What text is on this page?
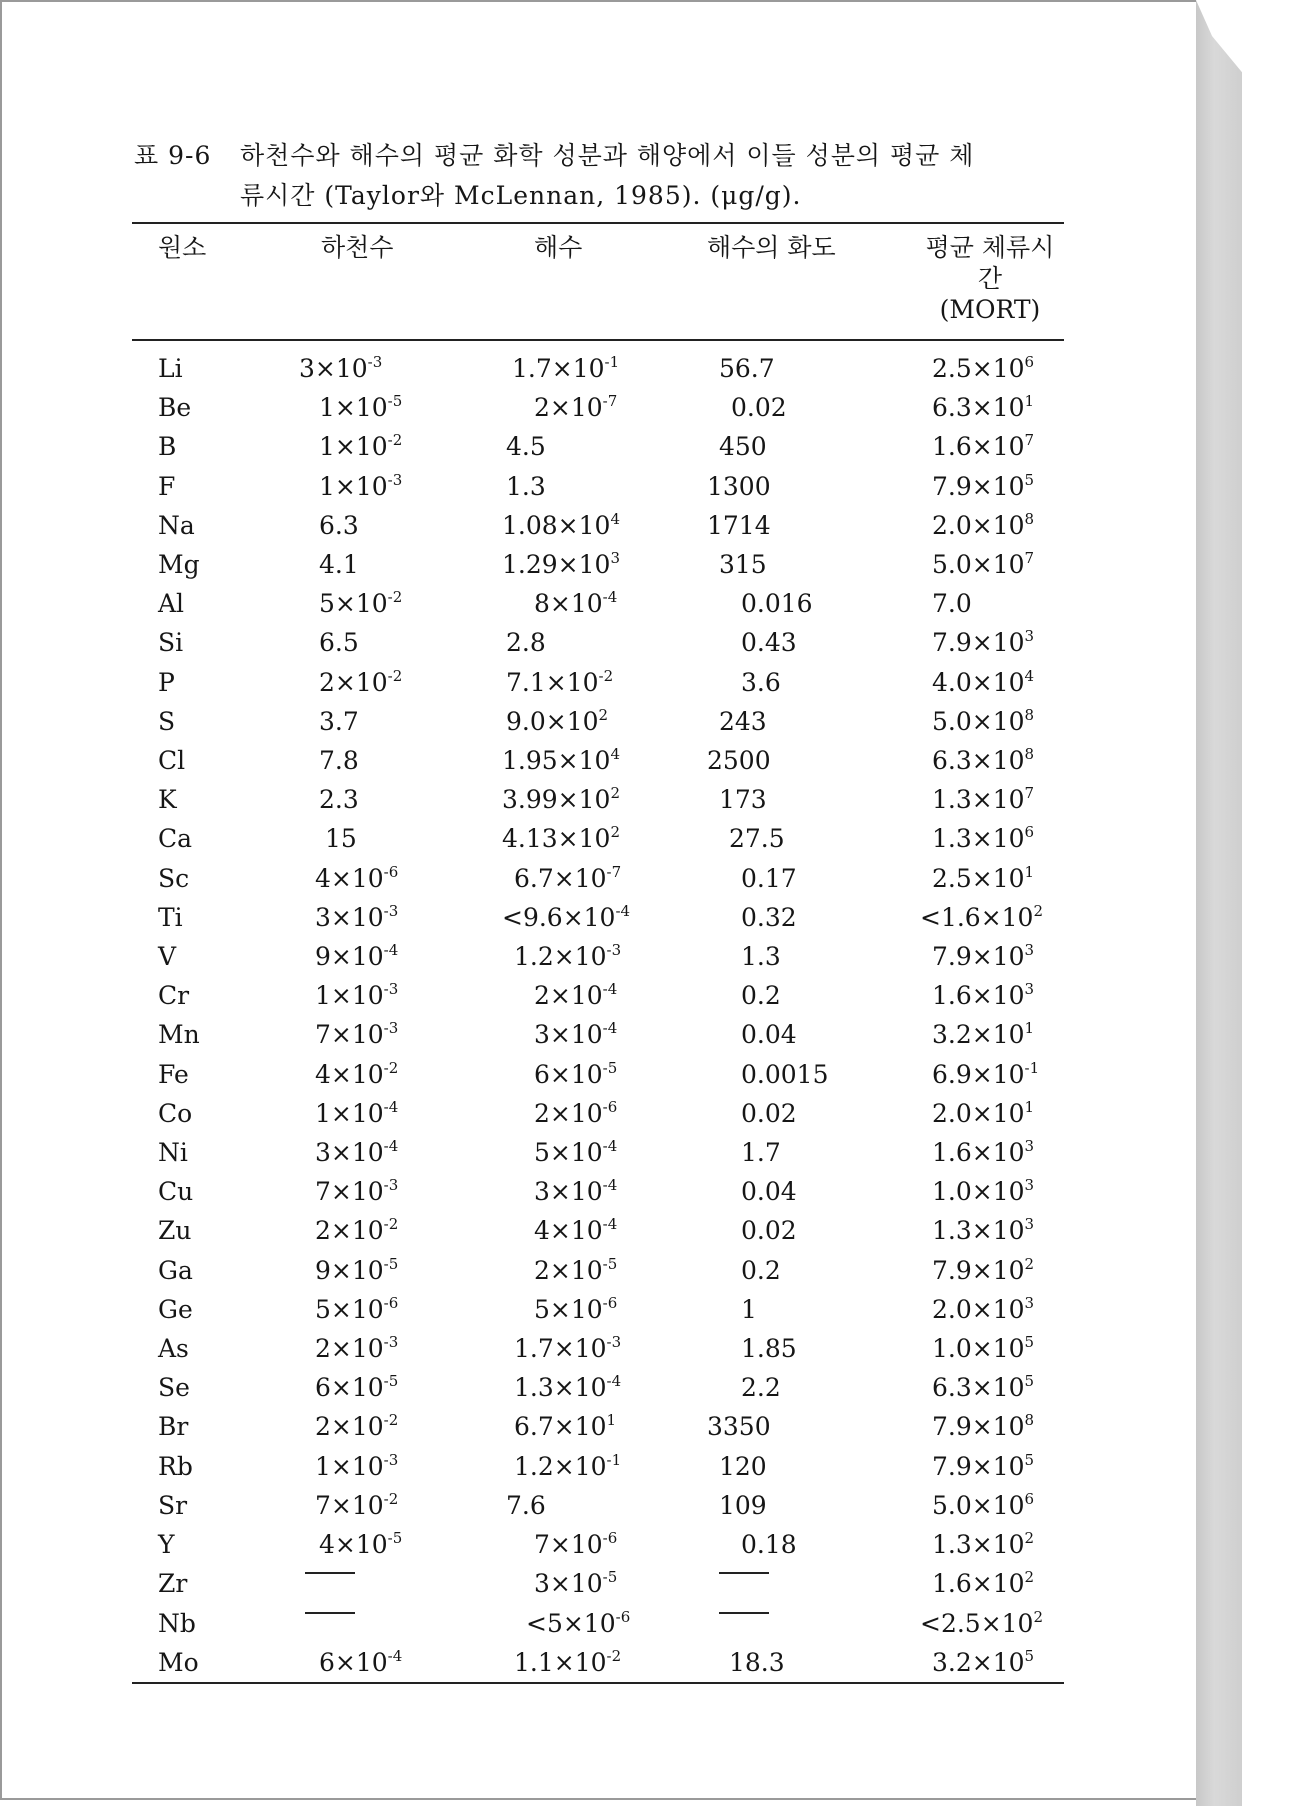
표 9-6 하천수와 해수의 평균 화학 성분과 해양에서 이들 성분의 평균 체
류시간 (Taylor와 McLennan, 1985). (μg/g).
원소	하천수	해수	해수의 화도	평균 체류시간
(MORT)

Li	$3\times 10^{-3}$	$1.7\times 10^{-1}$	56.7	$2.5\times 10^6$
Be	$1\times 10^{-5}$	$2\times 10^{-7}$	0.02	$6.3\times 10^1$
B	$1\times 10^{-2}$	4.5	450	$1.6\times 10^7$
F	$1\times 10^{-3}$	1.3	1300	$7.9\times 10^5$
Na	6.3	$1.08\times 10^4$	1714	$2.0\times 10^8$
Mg	4.1	$1.29\times 10^3$	315	$5.0\times 10^7$
Al	$5\times 10^{-2}$	$8\times 10^{-4}$	0.016	7.0
Si	6.5	2.8	0.43	$7.9\times 10^3$
P	$2\times 10^{-2}$	$7.1\times 10^{-2}$	3.6	$4.0\times 10^4$
S	3.7	$9.0\times 10^2$	243	$5.0\times 10^8$
Cl	7.8	$1.95\times 10^4$	2500	$6.3\times 10^8$
K	2.3	$3.99\times 10^2$	173	$1.3\times 10^7$
Ca	15	$4.13\times 10^2$	27.5	$1.3\times 10^6$
Sc	$4\times 10^{-6}$	$6.7\times 10^{-7}$	0.17	$2.5\times 10^1$
Ti	$3\times 10^{-3}$	$<9.6\times 10^{-4}$	0.32	$<1.6\times 10^2$
V	$9\times 10^{-4}$	$1.2\times 10^{-3}$	1.3	$7.9\times 10^3$
Cr	$1\times 10^{-3}$	$2\times 10^{-4}$	0.2	$1.6\times 10^3$
Mn	$7\times 10^{-3}$	$3\times 10^{-4}$	0.04	$3.2\times 10^1$
Fe	$4\times 10^{-2}$	$6\times 10^{-5}$	0.0015	$6.9\times 10^{-1}$
Co	$1\times 10^{-4}$	$2\times 10^{-6}$	0.02	$2.0\times 10^1$
Ni	$3\times 10^{-4}$	$5\times 10^{-4}$	1.7	$1.6\times 10^3$
Cu	$7\times 10^{-3}$	$3\times 10^{-4}$	0.04	$1.0\times 10^3$
Zu	$2\times 10^{-2}$	$4\times 10^{-4}$	0.02	$1.3\times 10^3$
Ga	$9\times 10^{-5}$	$2\times 10^{-5}$	0.2	$7.9\times 10^2$
Ge	$5\times 10^{-6}$	$5\times 10^{-6}$	1	$2.0\times 10^3$
As	$2\times 10^{-3}$	$1.7\times 10^{-3}$	1.85	$1.0\times 10^5$
Se	$6\times 10^{-5}$	$1.3\times 10^{-4}$	2.2	$6.3\times 10^5$
Br	$2\times 10^{-2}$	$6.7\times 10^1$	3350	$7.9\times 10^8$
Rb	$1\times 10^{-3}$	$1.2\times 10^{-1}$	120	$7.9\times 10^5$
Sr	$7\times 10^{-2}$	7.6	109	$5.0\times 10^6$
Y	$4\times 10^{-5}$	$7\times 10^{-6}$	0.18	$1.3\times 10^2$
Zr		$3\times 10^{-5}$		$1.6\times 10^2$
Nb		$<5\times 10^{-6}$		$<2.5\times 10^2$
Mo	$6\times 10^{-4}$	$1.1\times 10^{-2}$	18.3	$3.2\times 10^5$
